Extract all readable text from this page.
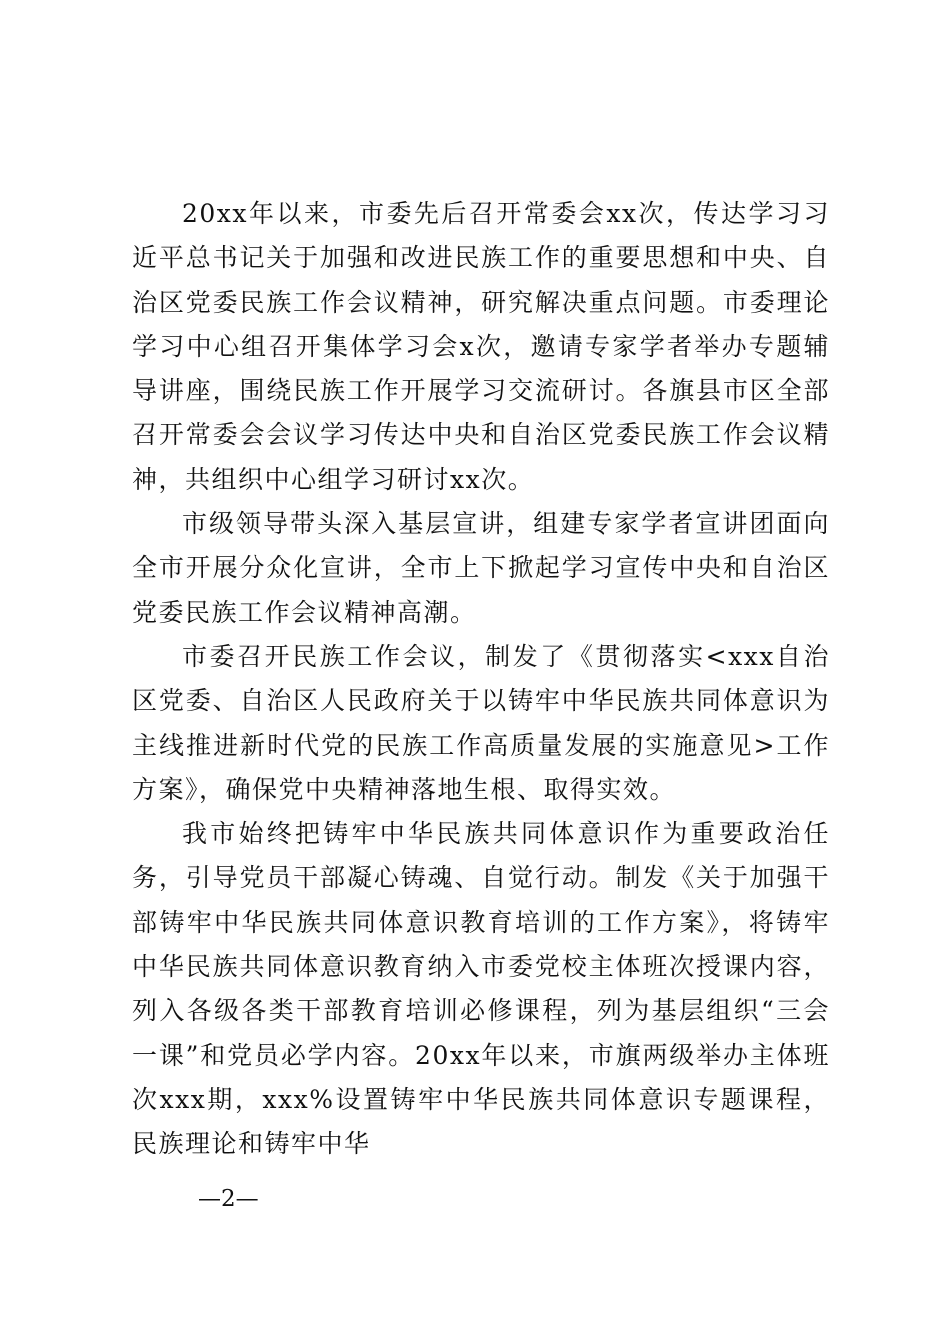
20xx年以来，市委先后召开常委会xx次，传达学习习近平总书记关于加强和改进民族工作的重要思想和中央、自治区党委民族工作会议精神，研究解决重点问题。市委理论学习中心组召开集体学习会x次，邀请专家学者举办专题辅导讲座，围绕民族工作开展学习交流研讨。各旗县市区全部召开常委会会议学习传达中央和自治区党委民族工作会议精神，共组织中心组学习研讨xx次。

市级领导带头深入基层宣讲，组建专家学者宣讲团面向全市开展分众化宣讲，全市上下掀起学习宣传中央和自治区党委民族工作会议精神高潮。

市委召开民族工作会议，制发了《贯彻落实<xxx自治区党委、自治区人民政府关于以铸牢中华民族共同体意识为主线推进新时代党的民族工作高质量发展的实施意见>工作方案》，确保党中央精神落地生根、取得实效。

我市始终把铸牢中华民族共同体意识作为重要政治任务，引导党员干部凝心铸魂、自觉行动。制发《关于加强干部铸牢中华民族共同体意识教育培训的工作方案》，将铸牢中华民族共同体意识教育纳入市委党校主体班次授课内容，列入各级各类干部教育培训必修课程，列为基层组织“三会一课”和党员必学内容。20xx年以来，市旗两级举办主体班次xxx期，xxx%设置铸牢中华民族共同体意识专题课程，民族理论和铸牢中华

—2—
